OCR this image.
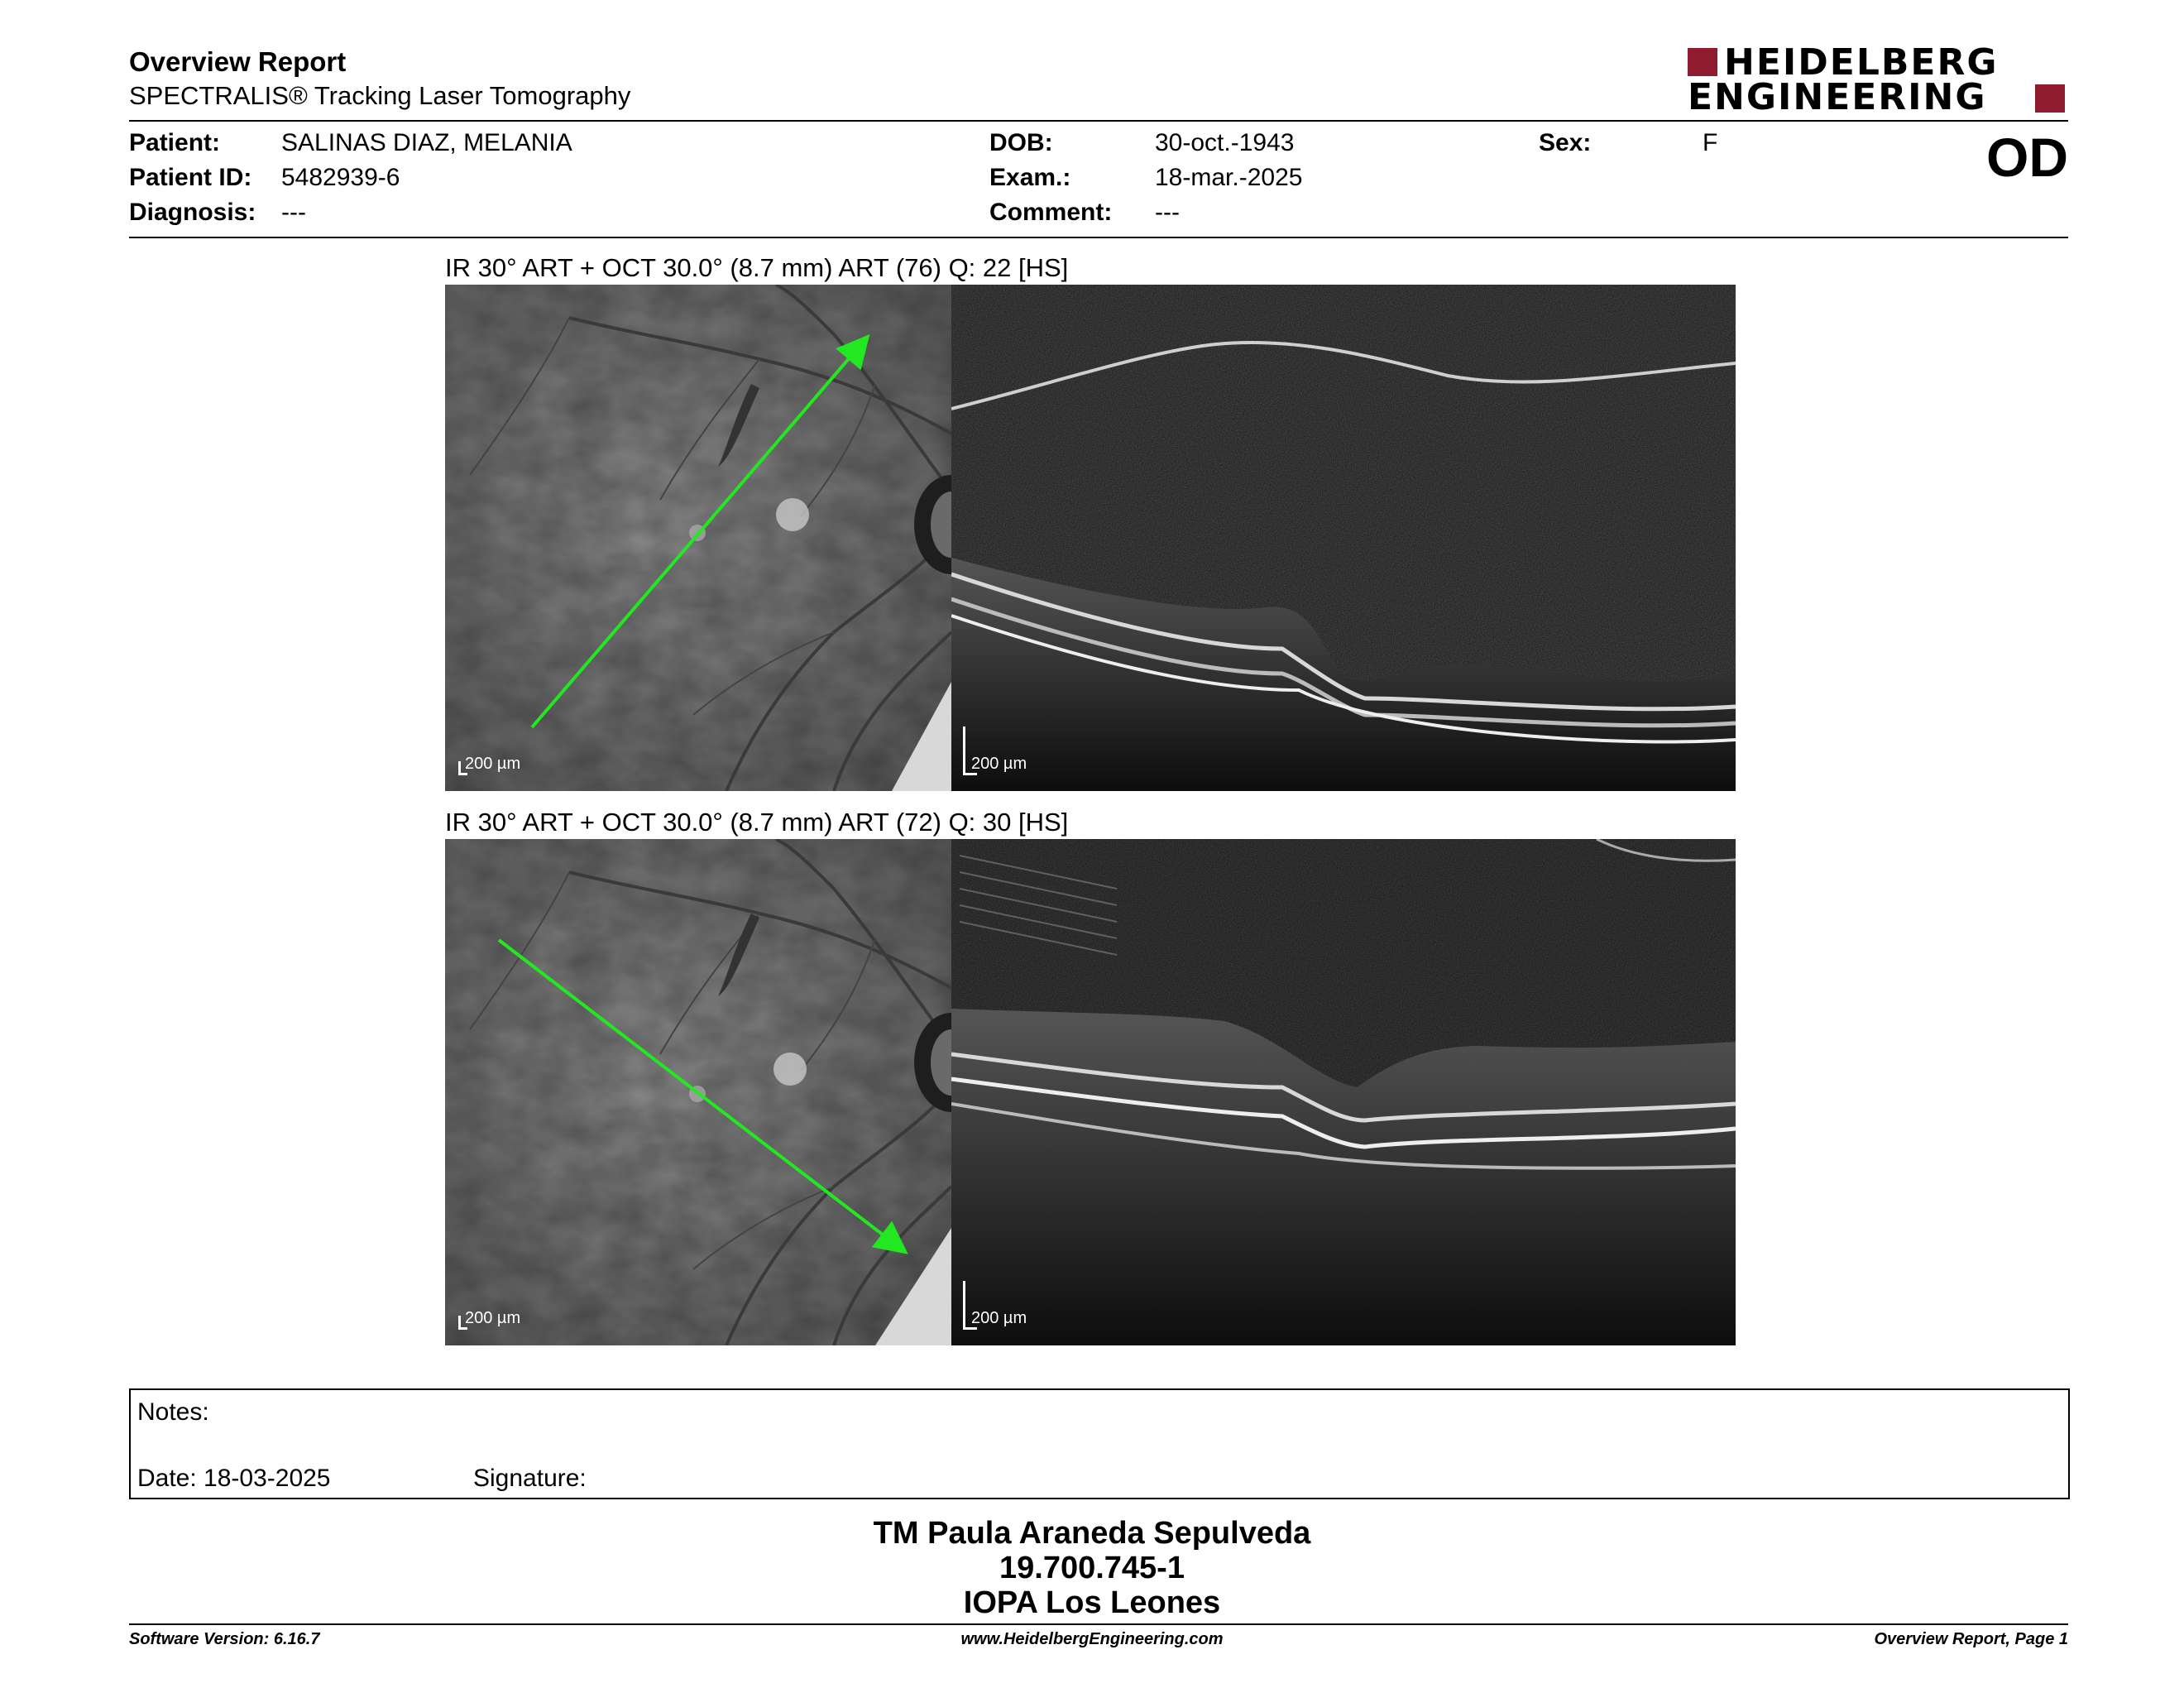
Overview Report
SPECTRALIS® Tracking Laser Tomography
HEIDELBERG
ENGINEERING
Patient: SALINAS DIAZ, MELANIA
Patient ID: 5482939-6
Diagnosis: ---
DOB:	30-oct.-1943
Exam.:	18-mar.-2025
Comment: ---
Sex:	F	OD
IR 30° ART + OCT 30.0° (8.7 mm) ART (76) Q: 22 [HS]
200 µm	200 µm
IR 30° ART + OCT 30.0° (8.7 mm) ART (72) Q: 30 [HS]
200 µm	200 µm
Notes:
Date: 18-03-2025	Signature:
TM Paula Araneda Sepulveda
19.700.745-1
IOPA Los Leones
Software Version: 6.16.7	www.HeidelbergEngineering.com	Overview Report, Page 1
